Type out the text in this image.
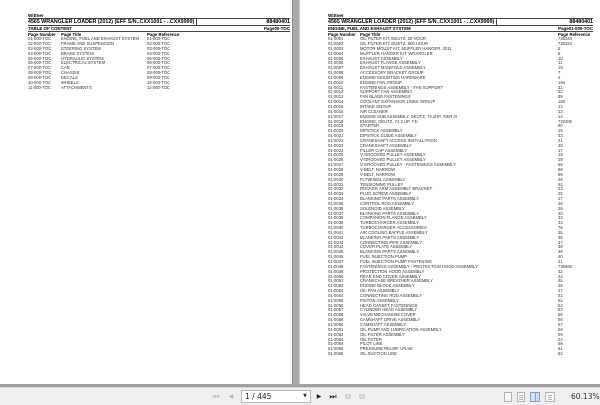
Wittner
4565 WRANGLER LOADER (2012) (EFF S/N..CXX1001 - ..CXX9999)	88480401
TABLE OF CONTENT	Page00-TOC
Page Number	Page Title	Page Reference
01-000-TOC	ENGINE, FUEL AND EXHAUST SYSTEM	01-000-TOC
02-000-TOC	FRAME AND SUSPENSION	02-000-TOC
03-000-TOC	STEERING SYSTEM	03-000-TOC
04-000-TOC	BRAKE SYSTEM	04-000-TOC
05-000-TOC	HYDRAULIC SYSTEM	05-000-TOC
06-000-TOC	ELECTRICAL SYSTEM	06-000-TOC
07-000-TOC	CAB	07-000-TOC
08-000-TOC	CHASSIS	08-000-TOC
09-000-TOC	DECALS	09-000-TOC
10-000-TOC	WHEELS	10-000-TOC
11-000-TOC	ATTACHMENTS	11-000-TOC
Wittner
4565 WRANGLER LOADER (2012) (EFF S/N..CXX1001 - ..CXX9999)	88480401
ENGINE, FUEL AND EXHAUST SYSTEM	Page01-000-TOC
Page Number Page Title	Page Reference
01-0001	OIL FILTER KIT, DEUTZ, 50 HOUR	735343
01-0002	OIL FILTER KIT, DUETZ, 500 HOUR	735344
01-0003	MOTOR MOUNT KIT, MUFFLER HANGER, 2011	5
01-0004	MUFFLER HANGER KIT, WRANGLER	6
01-0005	EXHAUST ASSEMBLY	10
01-0006	EXHAUST FLANGE ASSEMBLY	11
01-0007	EXHAUST MANIFOLD ASSEMBLY	18
01-0008	ACCESSORY BRACKET GROUP	7
01-0009	ENGINE MOUNTING HARDWARE	4
01-0010	ENGINE FAN GROUP	194
01-0011	FASTENINGS ASSEMBLY - FAN SUPPORT	31
01-0012	SUPPORT FAN ASSEMBLY	32
01-0013	FAN BLADE FASTENINGS	89
01-0014	COOLANT EXPANSION LINES GROUP	183
01-0015	INTAKE GROUP	12
01-0016	AIR CLEANER	13
01-0017	ENGINE SUB ASSEMBLY, DEUTZ, 74.2HP, TIER 4I	14
01-0018	ENGINE, DEUTZ, 74.2 HP, T4I	722306
01-0019	STARTER	50
01-0020	DIPSTICK ASSEMBLY	16
01-0021	DIPSTICK GUIDE ASSEMBLY	43
01-0022	CRANKSHAFT ACCESS INSTALLATION	21
01-0023	CRANKSHAFT ASSEMBLY	48
01-0024	FILLER CAP ASSEMBLY	17
01-0025	V-GROOVED PULLEY ASSEMBLY	18
01-0026	V-GROOVED PULLEY ASSEMBLY	19
01-0027	V-GROOVED PULLEY - FASTENINGS ASSEMBLY	58
01-0028	V-BELT, NARROW	98
01-0029	V-BELT, NARROW	99
01-0030	FLYWHEEL ASSEMBLY	28
01-0031	TENSIONING PULLEY	91
01-0032	ROCKER ARM ASSEMBLY BRACKET	23
01-0033	PLUG SCREW ASSEMBLY	25
01-0034	BLANKING PARTS ASSEMBLY	27
01-0035	CONTROL ROD ASSEMBLY	28
01-0036	SOLENOID ASSEMBLY	29
01-0037	BLANKING PARTS ASSEMBLY	30
01-0038	COMPANION FLANGE ASSEMBLY	33
01-0039	TURBOCHARGER ASSEMBLY	34
01-0040	TURBOCHARGER ACCESSORIES	76
01-0041	AIR COOLING BAFFLE ASSEMBLY	35
01-0042	BLANKING PARTS ASSEMBLY	36
01-0043	CONNECTING PIPE ASSEMBLY	37
01-0044	COVER PLATE ASSEMBLY	38
01-0045	BLANKING PARTS ASSEMBLY	39
01-0046	FUEL INJECTION PUMP	40
01-0047	FUEL INJECTION PUMP FASTENING	41
01-0048	FASTENINGS ASSEMBLY - PROTECTION HOOD ASSEMBLY	735683
01-0049	PROTECTION HOOD ASSEMBLY	42
01-0050	REAR END COVER ASSEMBLY	44
01-0051	CRANKCASE BREATHER ASSEMBLY	45
01-0052	ENGINE BLOCK ASSEMBLY	46
01-0053	OIL PAN ASSEMBLY	47
01-0054	CONNECTING ROD ASSEMBLY	51
01-0055	PISTON ASSEMBLY	52
01-0056	HEAD GASKET FASTENINGS	53
01-0057	CYLINDER HEAD ASSEMBLY	54
01-0058	VALVE MECHANISM COVER	55
01-0059	CAMSHAFT DRIVE ASSEMBLY	56
01-0060	CAMSHAFT ASSEMBLY	57
01-0061	OIL PUMP AND LUBRICATION ASSEMBLY	58
01-0062	OIL FILTER ASSEMBLY	59
01-0063	OIL FILTER	24
01-0064	PILOT LINE	59
01-0065	PRESSURE RELIEF VALVE	61
01-0066	OIL SUCTION LINE	62
⏮	◀	1 / 445	▼	▶	⏭	⧉	⧉	60.13%
